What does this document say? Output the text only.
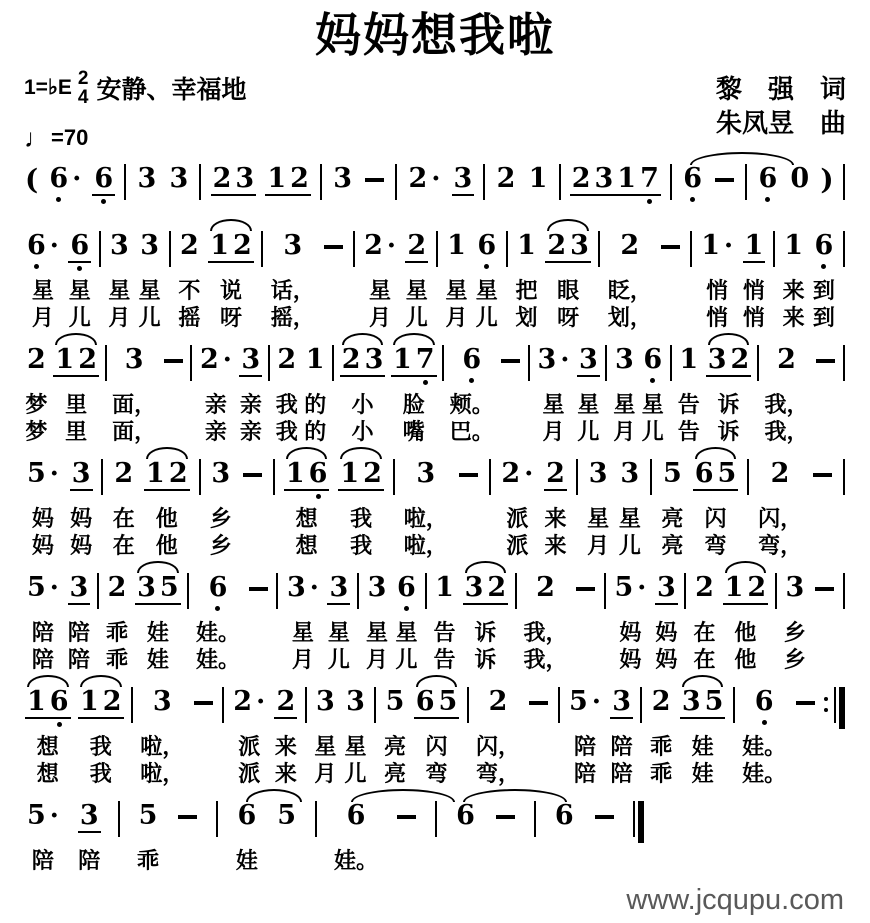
妈妈想我啦
1=♭E 2
4 安静、幸福地
♩ =70
黎　强　词
朱凤昱　曲
( 6 · 6 3 3 2 3 1 2 3 2 · 3 2 1 2 3 1 7 6 6 0 )
6 ·
星
月
6
星
儿
3
星
月
3
星
儿
2
不
摇
1 2
说
呀
3
话，
摇，
2 ·
星
月
2
星
儿
1
星
月
6
星
儿
1
把
划
2 3
眼
呀
2
眨，
划，
1 ·
悄
悄
1
悄
悄
1
来
来
6
到
到
2
梦
梦
1 2
里
里
3
面，
面，
2 ·
亲
亲
3
亲
亲
2
我
我
1
的
的
2 3
小
小
1 7
脸
嘴
6
颊。
巴。
3 ·
星
月
3
星
儿
3
星
月
6
星
儿
1
告
告
3 2
诉
诉
2
我，
我，
5 ·
妈
妈
3
妈
妈
2
在
在
1 2
他
他
3
乡
乡
1 6
想
想
1 2
我
我
3
啦，
啦，
2 ·
派
派
2
来
来
3
星
月
3
星
儿
5
亮
亮
6 5
闪
弯
2
闪，
弯，
5 ·
陪
陪
3
陪
陪
2
乖
乖
3 5
娃
娃
6
娃。
娃。
3 ·
星
月
3
星
儿
3
星
月
6
星
儿
1
告
告
3 2
诉
诉
2
我，
我，
5 ·
妈
妈
3
妈
妈
2
在
在
1 2
他
他
3
乡
乡
1 6
想
想
1 2
我
我
3
啦，
啦，
2 ·
派
派
2
来
来
3
星
月
3
星
儿
5
亮
亮
6 5
闪
弯
2
闪，
弯，
5 ·
陪
陪
3
陪
陪
2
乖
乖
3 5
娃
娃
6
娃。
娃。
5 ·
陪
3
陪
5
乖
6
娃
5 6
娃。
6	6
www.jcqupu.com
